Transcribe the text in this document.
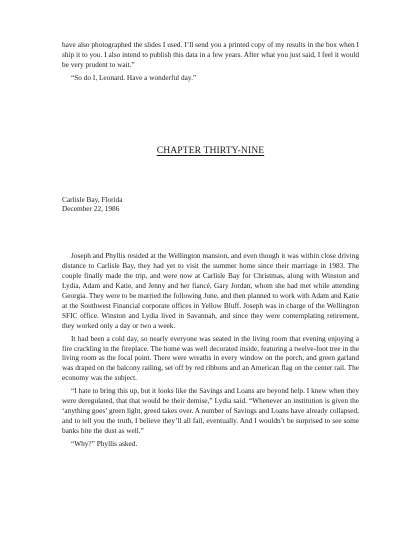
have also photographed the slides I used. I’ll send you a printed copy of my results in the box when I ship it to you. I also intend to publish this data in a few years. After what you just said, I feel it would be very prudent to wait.”

“So do I, Leonard. Have a wonderful day.”

CHAPTER THIRTY-NINE

Carlisle Bay, Florida

December 22, 1986

Joseph and Phyllis resided at the Wellington mansion, and even though it was within close driving distance to Carlisle Bay, they had yet to visit the summer home since their marriage in 1983. The couple finally made the trip, and were now at Carlisle Bay for Christmas, along with Winston and Lydia, Adam and Katie, and Jenny and her fiancé, Gary Jordan, whom she had met while attending Georgia. They were to be married the following June, and then planned to work with Adam and Katie at the Southwest Financial corporate offices in Yellow Bluff. Joseph was in charge of the Wellington SFIC office. Winston and Lydia lived in Savannah, and since they were contemplating retirement, they worked only a day or two a week.

It had been a cold day, so nearly everyone was seated in the living room that evening enjoying a fire crackling in the fireplace. The home was well decorated inside, featuring a twelve-foot tree in the living room as the focal point. There were wreaths in every window on the porch, and green garland was draped on the balcony railing, set off by red ribbons and an American flag on the center rail. The economy was the subject.

“I hate to bring this up, but it looks like the Savings and Loans are beyond help. I knew when they were deregulated, that that would be their demise,” Lydia said. “Whenever an institution is given the ‘anything goes’ green light, greed takes over. A number of Savings and Loans have already collapsed, and to tell you the truth, I believe they’ll all fail, eventually. And I wouldn’t be surprised to see some banks bite the dust as well.”

“Why?” Phyllis asked.
